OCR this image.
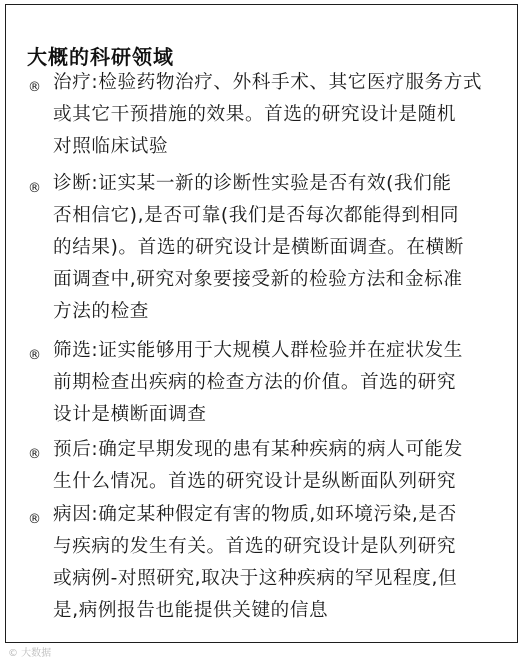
大概的科研领域
® 治疗:检验药物治疗、外科手术、其它医疗服务方式
或其它干预措施的效果。首选的研究设计是随机
对照临床试验
® 诊断:证实某一新的诊断性实验是否有效(我们能
否相信它),是否可靠(我们是否每次都能得到相同
的结果)。首选的研究设计是横断面调查。在横断
面调查中,研究对象要接受新的检验方法和金标准
方法的检查
® 筛选:证实能够用于大规模人群检验并在症状发生
前期检查出疾病的检查方法的价值。首选的研究
设计是横断面调查
® 预后:确定早期发现的患有某种疾病的病人可能发
生什么情况。首选的研究设计是纵断面队列研究
® 病因:确定某种假定有害的物质,如环境污染,是否
与疾病的发生有关。首选的研究设计是队列研究
或病例-对照研究,取决于这种疾病的罕见程度,但
是,病例报告也能提供关键的信息
© 大数据
